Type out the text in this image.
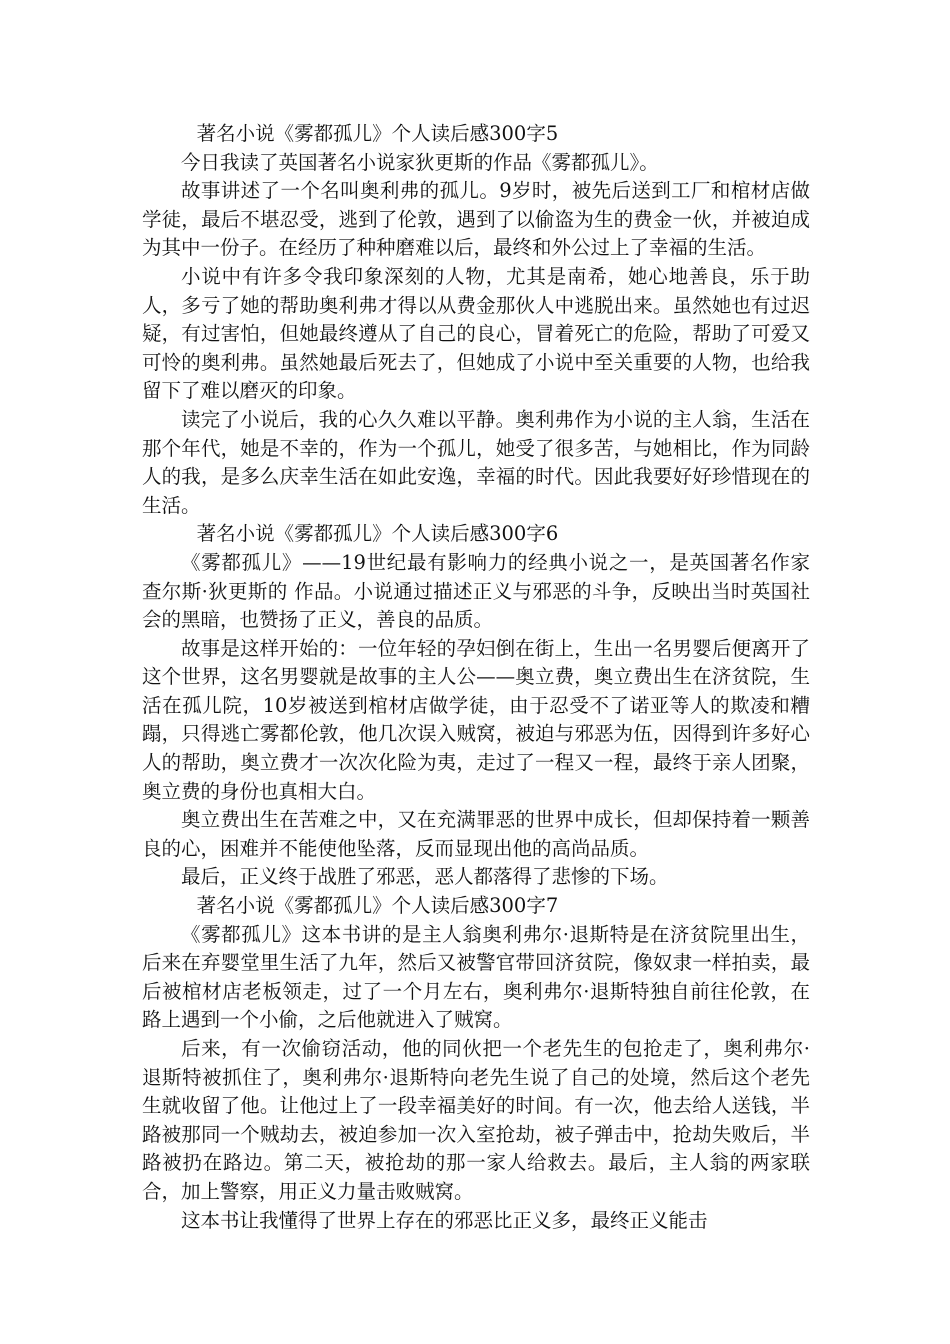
著名小说《雾都孤儿》个人读后感300字5

今日我读了英国著名小说家狄更斯的作品《雾都孤儿》。

故事讲述了一个名叫奥利弗的孤儿。9岁时，被先后送到工厂和棺材店做学徒，最后不堪忍受，逃到了伦敦，遇到了以偷盗为生的费金一伙，并被迫成为其中一份子。在经历了种种磨难以后，最终和外公过上了幸福的生活。

小说中有许多令我印象深刻的人物，尤其是南希，她心地善良，乐于助人，多亏了她的帮助奥利弗才得以从费金那伙人中逃脱出来。虽然她也有过迟疑，有过害怕，但她最终遵从了自己的良心，冒着死亡的危险，帮助了可爱又可怜的奥利弗。虽然她最后死去了，但她成了小说中至关重要的人物，也给我留下了难以磨灭的印象。

读完了小说后，我的心久久难以平静。奥利弗作为小说的主人翁，生活在那个年代，她是不幸的，作为一个孤儿，她受了很多苦，与她相比，作为同龄人的我，是多么庆幸生活在如此安逸，幸福的时代。因此我要好好珍惜现在的生活。

著名小说《雾都孤儿》个人读后感300字6

《雾都孤儿》——19世纪最有影响力的经典小说之一，是英国著名作家查尔斯·狄更斯的 作品。小说通过描述正义与邪恶的斗争，反映出当时英国社会的黑暗，也赞扬了正义，善良的品质。

故事是这样开始的：一位年轻的孕妇倒在街上，生出一名男婴后便离开了这个世界，这名男婴就是故事的主人公——奥立费，奥立费出生在济贫院，生活在孤儿院，10岁被送到棺材店做学徒，由于忍受不了诺亚等人的欺凌和糟蹋，只得逃亡雾都伦敦，他几次误入贼窝，被迫与邪恶为伍，因得到许多好心人的帮助，奥立费才一次次化险为夷，走过了一程又一程，最终于亲人团聚，奥立费的身份也真相大白。

奥立费出生在苦难之中，又在充满罪恶的世界中成长，但却保持着一颗善良的心，困难并不能使他坠落，反而显现出他的高尚品质。

最后，正义终于战胜了邪恶，恶人都落得了悲惨的下场。

著名小说《雾都孤儿》个人读后感300字7

《雾都孤儿》这本书讲的是主人翁奥利弗尔·退斯特是在济贫院里出生，后来在弃婴堂里生活了九年，然后又被警官带回济贫院，像奴隶一样拍卖，最后被棺材店老板领走，过了一个月左右，奥利弗尔·退斯特独自前往伦敦，在路上遇到一个小偷，之后他就进入了贼窝。

后来，有一次偷窃活动，他的同伙把一个老先生的包抢走了，奥利弗尔·退斯特被抓住了，奥利弗尔·退斯特向老先生说了自己的处境，然后这个老先生就收留了他。让他过上了一段幸福美好的时间。有一次，他去给人送钱，半路被那同一个贼劫去，被迫参加一次入室抢劫，被子弹击中，抢劫失败后，半路被扔在路边。第二天，被抢劫的那一家人给救去。最后，主人翁的两家联合，加上警察，用正义力量击败贼窝。

这本书让我懂得了世界上存在的邪恶比正义多，最终正义能击
